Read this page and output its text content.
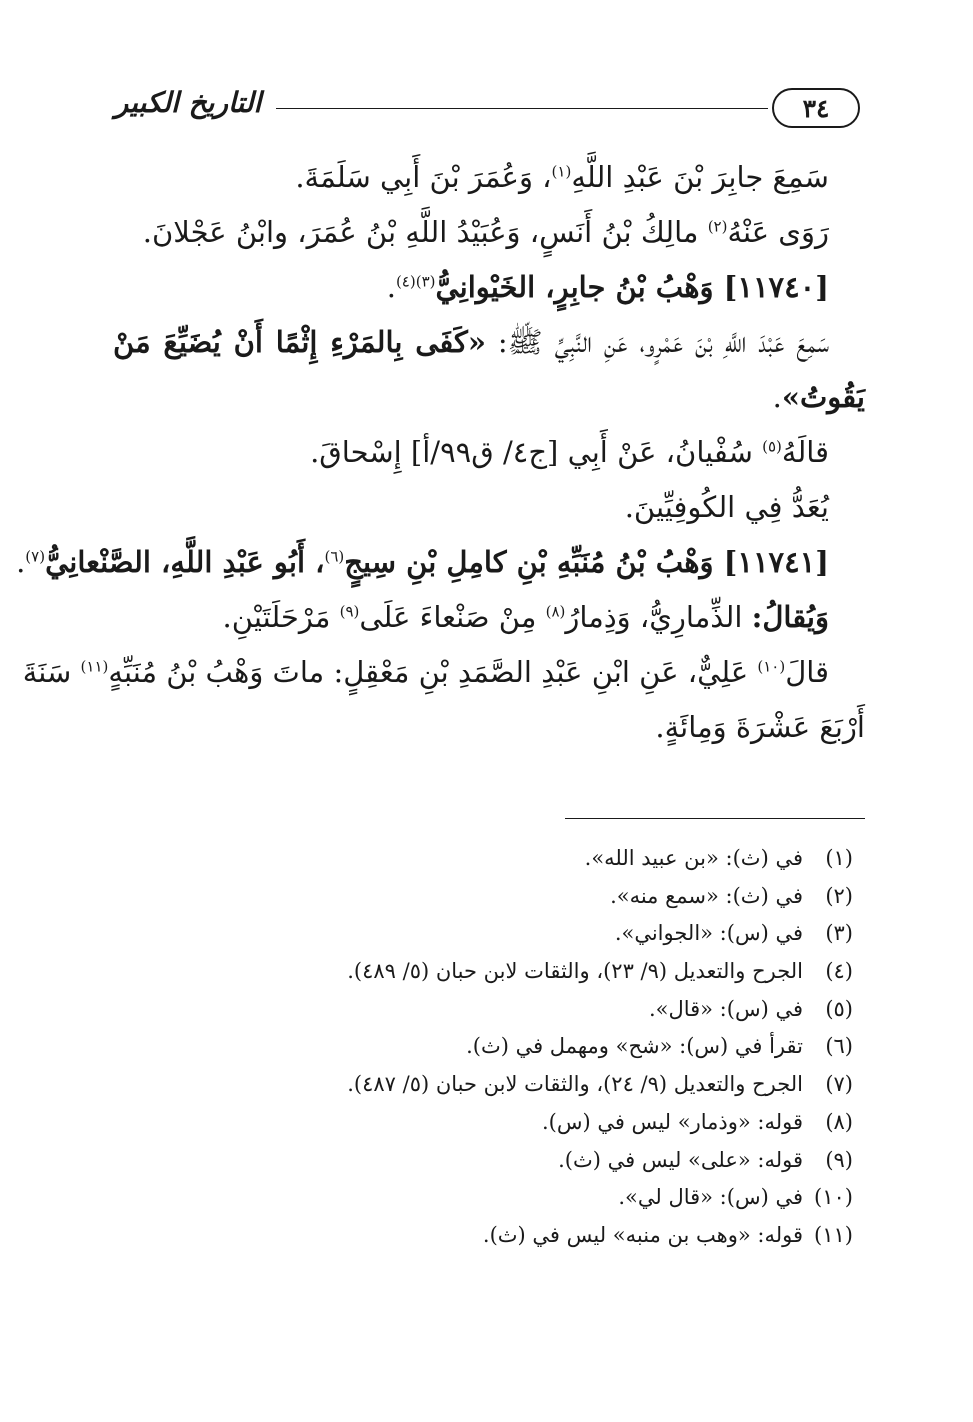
٣٤
التاريخ الكبير
سَمِعَ جابِرَ بْنَ عَبْدِ اللَّهِ$^{(١)}$، وَعُمَرَ بْنَ أَبِي سَلَمَةَ.
رَوَى عَنْهُ$^{(٢)}$ مالِكُ بْنُ أَنَسٍ، وَعُبَيْدُ اللَّهِ بْنُ عُمَرَ، وابْنُ عَجْلانَ.
[١١٧٤٠] وَهْبُ بْنُ جابِرٍ، الخَيْوانِيُّ$^{(٣)(٤)}$.
سَمِعَ عَبْدَ اللَّهِ بْنَ عَمْرٍو، عَنِ النَّبِيِّ ﷺ: «كَفَى بِالمَرْءِ إِثْمًا أَنْ يُضَيِّعَ مَنْ
يَقُوتُ».
قالَهُ$^{(٥)}$ سُفْيانُ، عَنْ أَبِي [ج٤/ ق٩٩/أ] إِسْحاقَ.
يُعَدُّ فِي الكُوفِيِّينَ.
[١١٧٤١] وَهْبُ بْنُ مُنَبِّهِ بْنِ كامِلِ بْنِ سِيجٍ$^{(٦)}$، أَبُو عَبْدِ اللَّهِ، الصَّنْعانِيُّ$^{(٧)}$.
وَيُقالُ: الذِّمارِيُّ، وَذِمارُ$^{(٨)}$ مِنْ صَنْعاءَ عَلَى$^{(٩)}$ مَرْحَلَتَيْنِ.
قالَ$^{(١٠)}$ عَلِيٌّ، عَنِ ابْنِ عَبْدِ الصَّمَدِ بْنِ مَعْقِلٍ: ماتَ وَهْبُ بْنُ مُنَبِّهٍ$^{(١١)}$ سَنَةَ
أَرْبَعَ عَشْرَةَ وَمِائَةٍ.
(١)في (ث): «بن عبيد الله».
(٢)في (ث): «سمع منه».
(٣)في (س): «الجواني».
(٤)الجرح والتعديل (٩/ ٢٣)، والثقات لابن حبان (٥/ ٤٨٩).
(٥)في (س): «قال».
(٦)تقرأ في (س): «شح» ومهمل في (ث).
(٧)الجرح والتعديل (٩/ ٢٤)، والثقات لابن حبان (٥/ ٤٨٧).
(٨)قوله: «وذمار» ليس في (س).
(٩)قوله: «على» ليس في (ث).
(١٠)في (س): «قال لي».
(١١)قوله: «وهب بن منبه» ليس في (ث).
